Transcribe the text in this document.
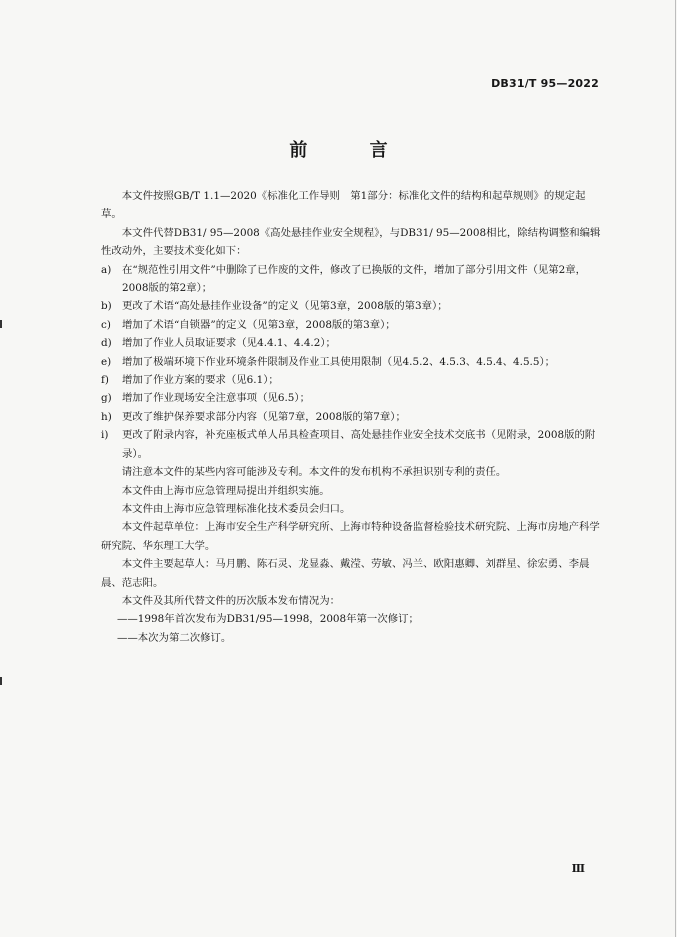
DB31/T 95—2022
前 言

本文件按照GB/T 1.1—2020《标准化工作导则　第1部分：标准化文件的结构和起草规则》的规定起草。

本文件代替DB31/ 95—2008《高处悬挂作业安全规程》，与DB31/ 95—2008相比，除结构调整和编辑性改动外，主要技术变化如下：

a)	在“规范性引用文件”中删除了已作废的文件，修改了已换版的文件，增加了部分引用文件（见第2章，2008版的第2章）；
b) 更改了术语“高处悬挂作业设备”的定义（见第3章，2008版的第3章）；
c)	增加了术语“自锁器”的定义（见第3章，2008版的第3章）；
d) 增加了作业人员取证要求（见4.4.1、4.4.2）；
e)	增加了极端环境下作业环境条件限制及作业工具使用限制（见4.5.2、4.5.3、4.5.4、4.5.5）；
f)	增加了作业方案的要求（见6.1）；
g) 增加了作业现场安全注意事项（见6.5）；
h) 更改了维护保养要求部分内容（见第7章，2008版的第7章）；
i)	更改了附录内容，补充座板式单人吊具检查项目、高处悬挂作业安全技术交底书（见附录，2008版的附录）。

请注意本文件的某些内容可能涉及专利。本文件的发布机构不承担识别专利的责任。

本文件由上海市应急管理局提出并组织实施。

本文件由上海市应急管理标准化技术委员会归口。

本文件起草单位：上海市安全生产科学研究所、上海市特种设备监督检验技术研究院、上海市房地产科学研究院、华东理工大学。

本文件主要起草人：马月鹏、陈石灵、龙显淼、戴滢、劳敏、冯兰、欧阳惠卿、刘群星、徐宏勇、李晨晨、范志阳。

本文件及其所代替文件的历次版本发布情况为：

——1998年首次发布为DB31/95—1998，2008年第一次修订；

——本次为第二次修订。

Ⅲ
